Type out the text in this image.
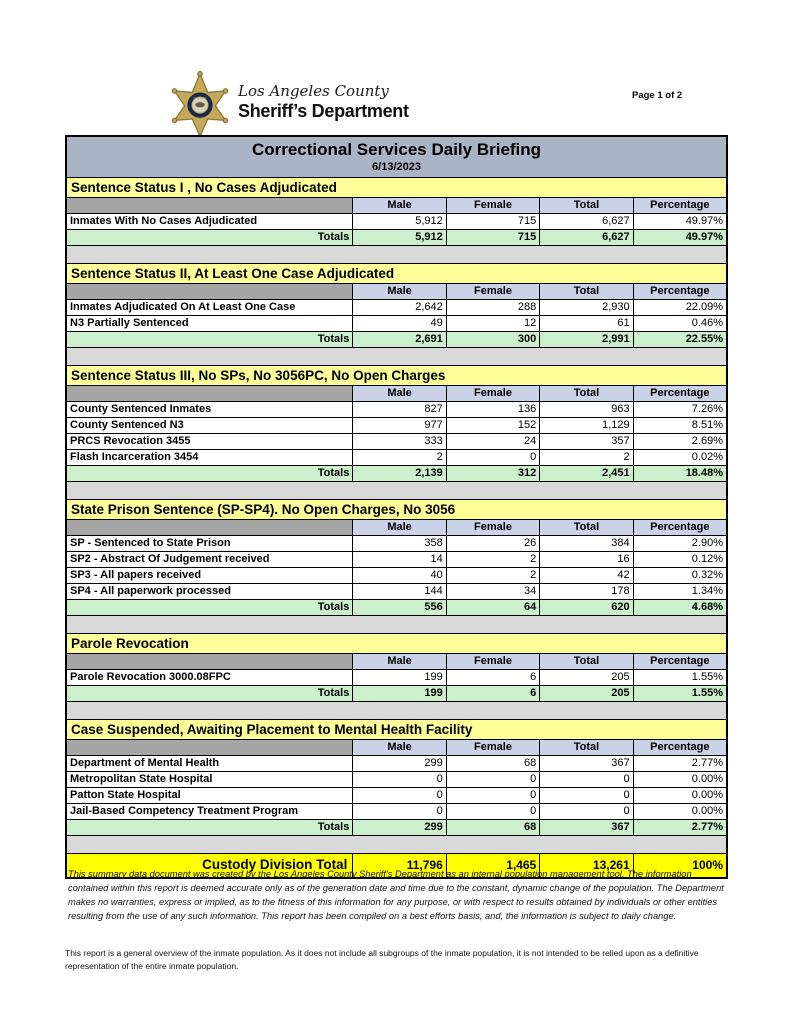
SHERIFF Los Angeles County
Sheriff’s Department
Page 1 of 2
Correctional Services Daily Briefing
6/13/2023
Sentence Status I , No Cases Adjudicated
Male	Female	Total	Percentage
Inmates With No Cases Adjudicated	5,912	715	6,627	49.97%
Totals	5,912	715	6,627	49.97%
Sentence Status II, At Least One Case Adjudicated
Male	Female	Total	Percentage
Inmates Adjudicated On At Least One Case	2,642	288	2,930	22.09%
N3 Partially Sentenced	49	12	61	0.46%
Totals	2,691	300	2,991	22.55%
Sentence Status III, No SPs, No 3056PC, No Open Charges
Male	Female	Total	Percentage
County Sentenced Inmates	827	136	963	7.26%
County Sentenced N3	977	152	1,129	8.51%
PRCS Revocation 3455	333	24	357	2.69%
Flash Incarceration 3454	2	0	2	0.02%
Totals	2,139	312	2,451	18.48%
State Prison Sentence (SP-SP4). No Open Charges, No 3056
Male	Female	Total	Percentage
SP - Sentenced to State Prison	358	26	384	2.90%
SP2 - Abstract Of Judgement received	14	2	16	0.12%
SP3 - All papers received	40	2	42	0.32%
SP4 - All paperwork processed	144	34	178	1.34%
Totals	556	64	620	4.68%
Parole Revocation
Male	Female	Total	Percentage
Parole Revocation 3000.08FPC	199	6	205	1.55%
Totals	199	6	205	1.55%
Case Suspended, Awaiting Placement to Mental Health Facility
Male	Female	Total	Percentage
Department of Mental Health	299	68	367	2.77%
Metropolitan State Hospital	0	0	0	0.00%
Patton State Hospital	0	0	0	0.00%
Jail-Based Competency Treatment Program	0	0	0	0.00%
Totals	299	68	367	2.77%
Custody Division Total	11,796	1,465	13,261	100%
This summary data document was created by the Los Angeles County Sheriff's Department as an internal population management tool. The information contained within this report is deemed accurate only as of the generation date and time due to the constant, dynamic change of the population. The Department makes no warranties, express or implied, as to the fitness of this information for any purpose, or with respect to results obtained by individuals or other entities resulting from the use of any such information. This report has been compiled on a best efforts basis, and, the information is subject to daily change.
This report is a general overview of the inmate population. As it does not include all subgroups of the inmate population, it is not intended to be relied upon as a definitive representation of the entire inmate population.
